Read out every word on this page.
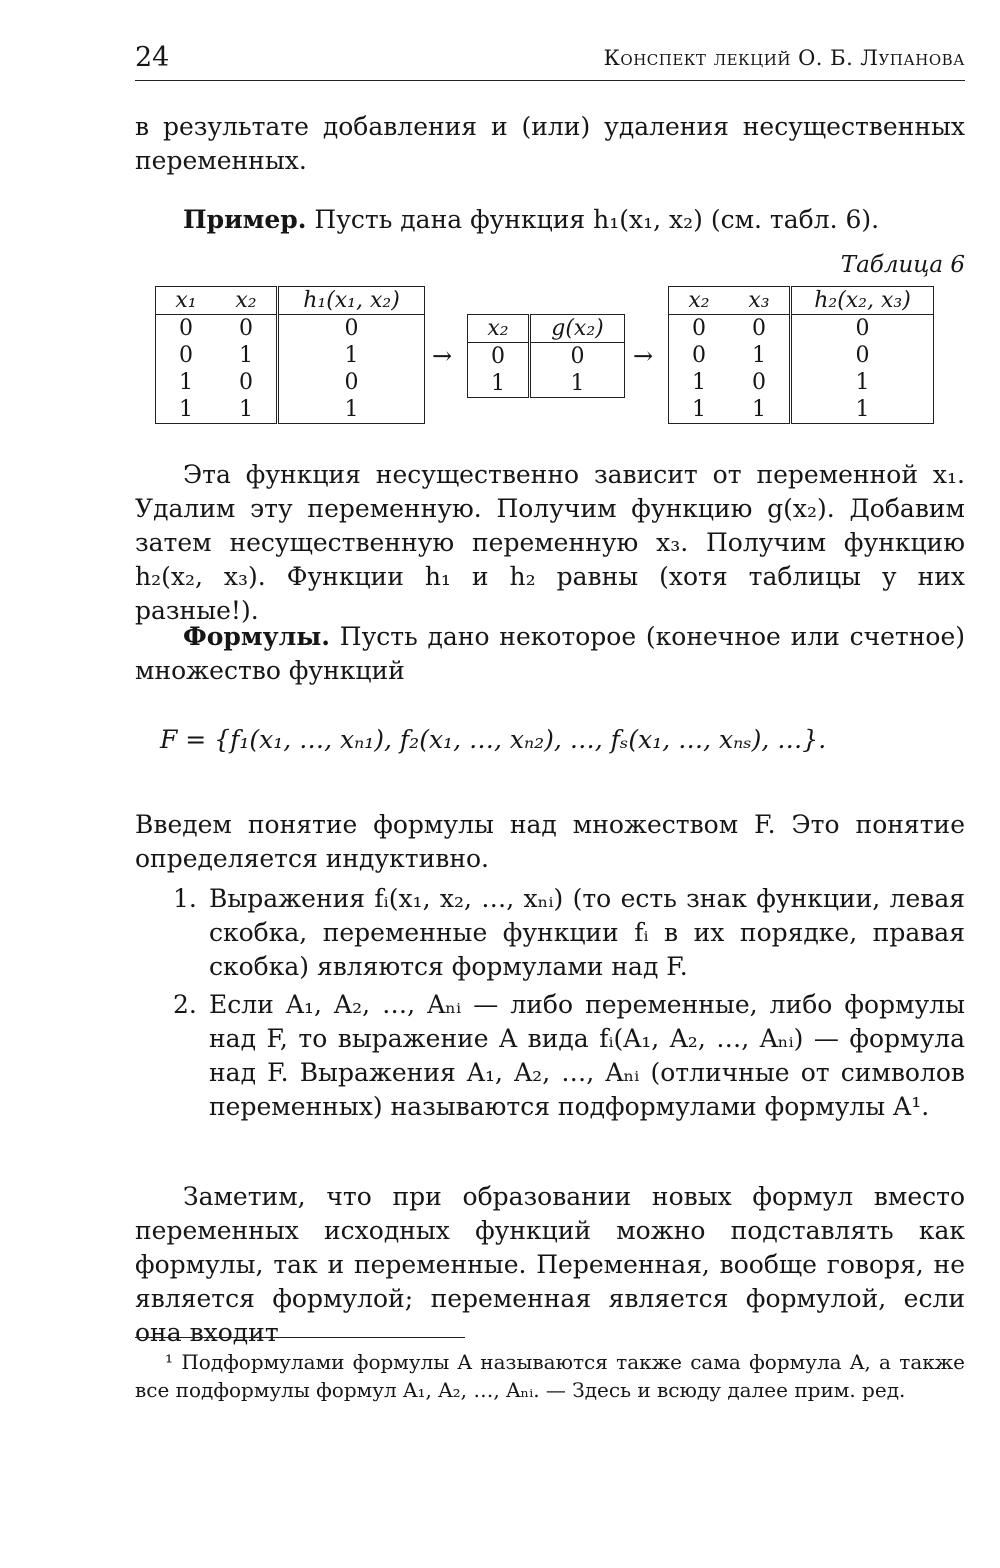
24	Конспект лекций О. Б. Лупанова
в результате добавления и (или) удаления несущественных переменных.
Пример. Пусть дана функция h₁(x₁, x₂) (см. табл. 6).
Таблица 6
x₁	x₂	h₁(x₁, x₂)
0	0	0
0	1	1
1	0	0
1	1	1
→
x₂	g(x₂)
0	0
1	1
→
x₂	x₃	h₂(x₂, x₃)
0	0	0
0	1	0
1	0	1
1	1	1
Эта функция несущественно зависит от переменной x₁. Удалим эту переменную. Получим функцию g(x₂). Добавим затем несущественную переменную x₃. Получим функцию h₂(x₂, x₃). Функции h₁ и h₂ равны (хотя таблицы у них разные!).
Формулы. Пусть дано некоторое (конечное или счетное) множество функций
F = {f₁(x₁, …, xₙ₁), f₂(x₁, …, xₙ₂), …, fₛ(x₁, …, xₙₛ), …}.
Введем понятие формулы над множеством F. Это понятие определяется индуктивно.
1. Выражения fᵢ(x₁, x₂, …, xₙᵢ) (то есть знак функции, левая скобка, переменные функции fᵢ в их порядке, правая скобка) являются формулами над F.
2. Если A₁, A₂, …, Aₙᵢ — либо переменные, либо формулы над F, то выражение A вида fᵢ(A₁, A₂, …, Aₙᵢ) — формула над F. Выражения A₁, A₂, …, Aₙᵢ (отличные от символов переменных) называются подформулами формулы A¹.
Заметим, что при образовании новых формул вместо переменных исходных функций можно подставлять как формулы, так и переменные. Переменная, вообще говоря, не является формулой; переменная является формулой, если она входит
¹ Подформулами формулы A называются также сама формула A, а также все подформулы формул A₁, A₂, …, Aₙᵢ. — Здесь и всюду далее прим. ред.
